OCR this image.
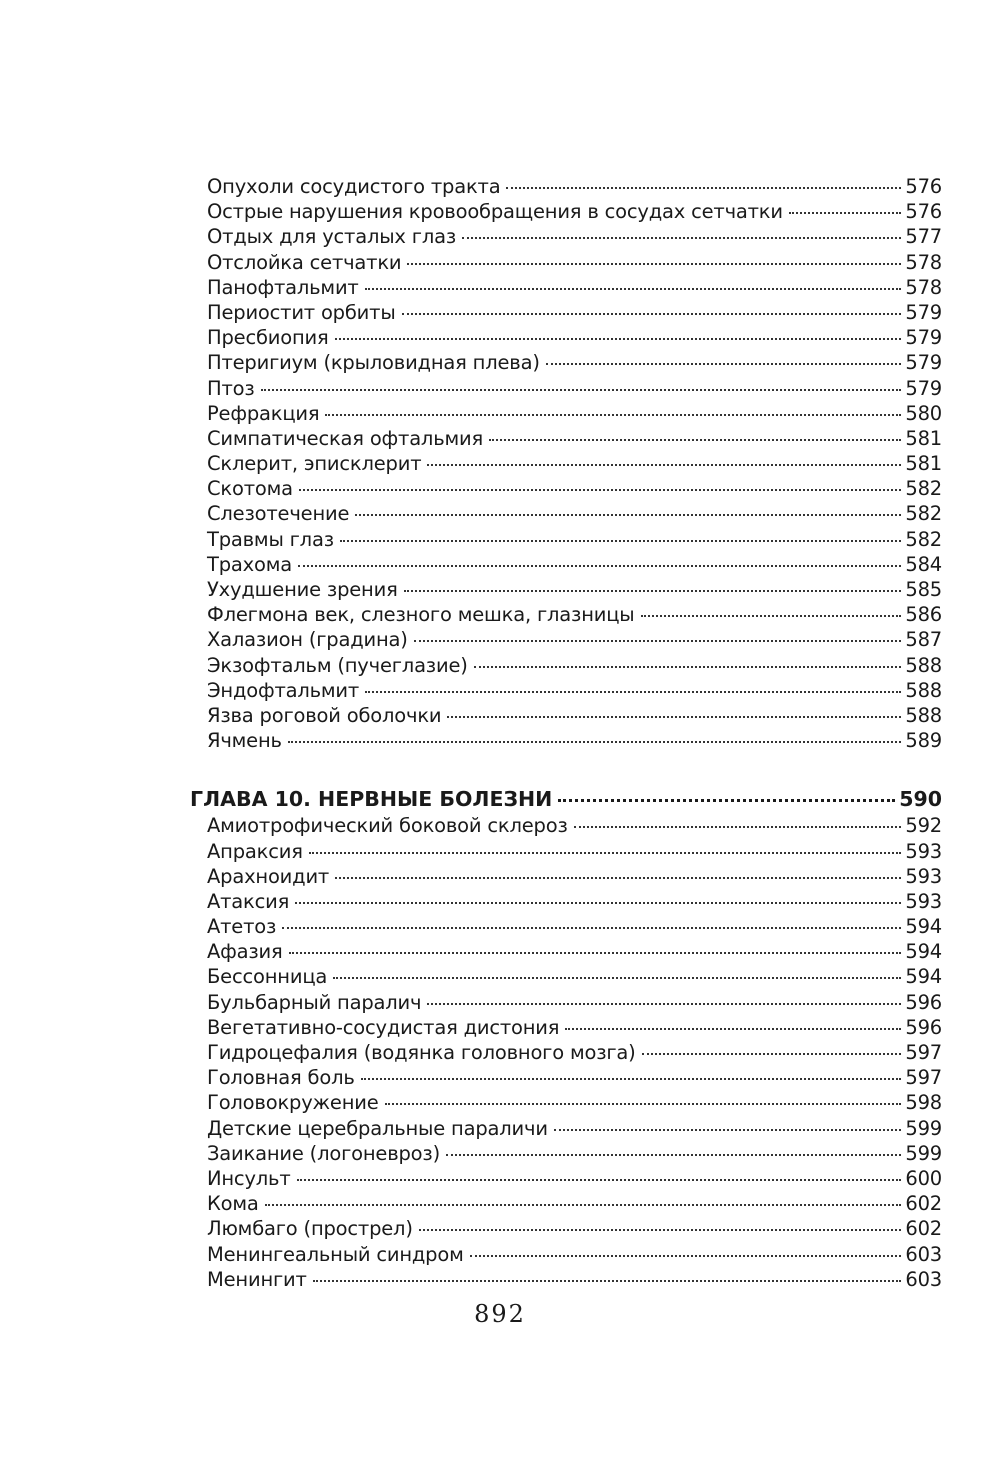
Опухоли сосудистого тракта	576
Острые нарушения кровообращения в сосудах сетчатки	576
Отдых для усталых глаз	577
Отслойка сетчатки	578
Панофтальмит	578
Периостит орбиты	579
Пресбиопия	579
Птеригиум (крыловидная плева)	579
Птоз	579
Рефракция	580
Симпатическая офтальмия	581
Склерит, эписклерит	581
Скотома	582
Слезотечение	582
Травмы глаз	582
Трахома	584
Ухудшение зрения	585
Флегмона век, слезного мешка, глазницы	586
Халазион (градина)	587
Экзофтальм (пучеглазие)	588
Эндофтальмит	588
Язва роговой оболочки	588
Ячмень	589
ГЛАВА 10. НЕРВНЫЕ БОЛЕЗНИ	590
Амиотрофический боковой склероз	592
Апраксия	593
Арахноидит	593
Атаксия	593
Атетоз	594
Афазия	594
Бессонница	594
Бульбарный паралич	596
Вегетативно-сосудистая дистония	596
Гидроцефалия (водянка головного мозга)	597
Головная боль	597
Головокружение	598
Детские церебральные параличи	599
Заикание (логоневроз)	599
Инсульт	600
Кома	602
Люмбаго (прострел)	602
Менингеальный синдром	603
Менингит	603
892
